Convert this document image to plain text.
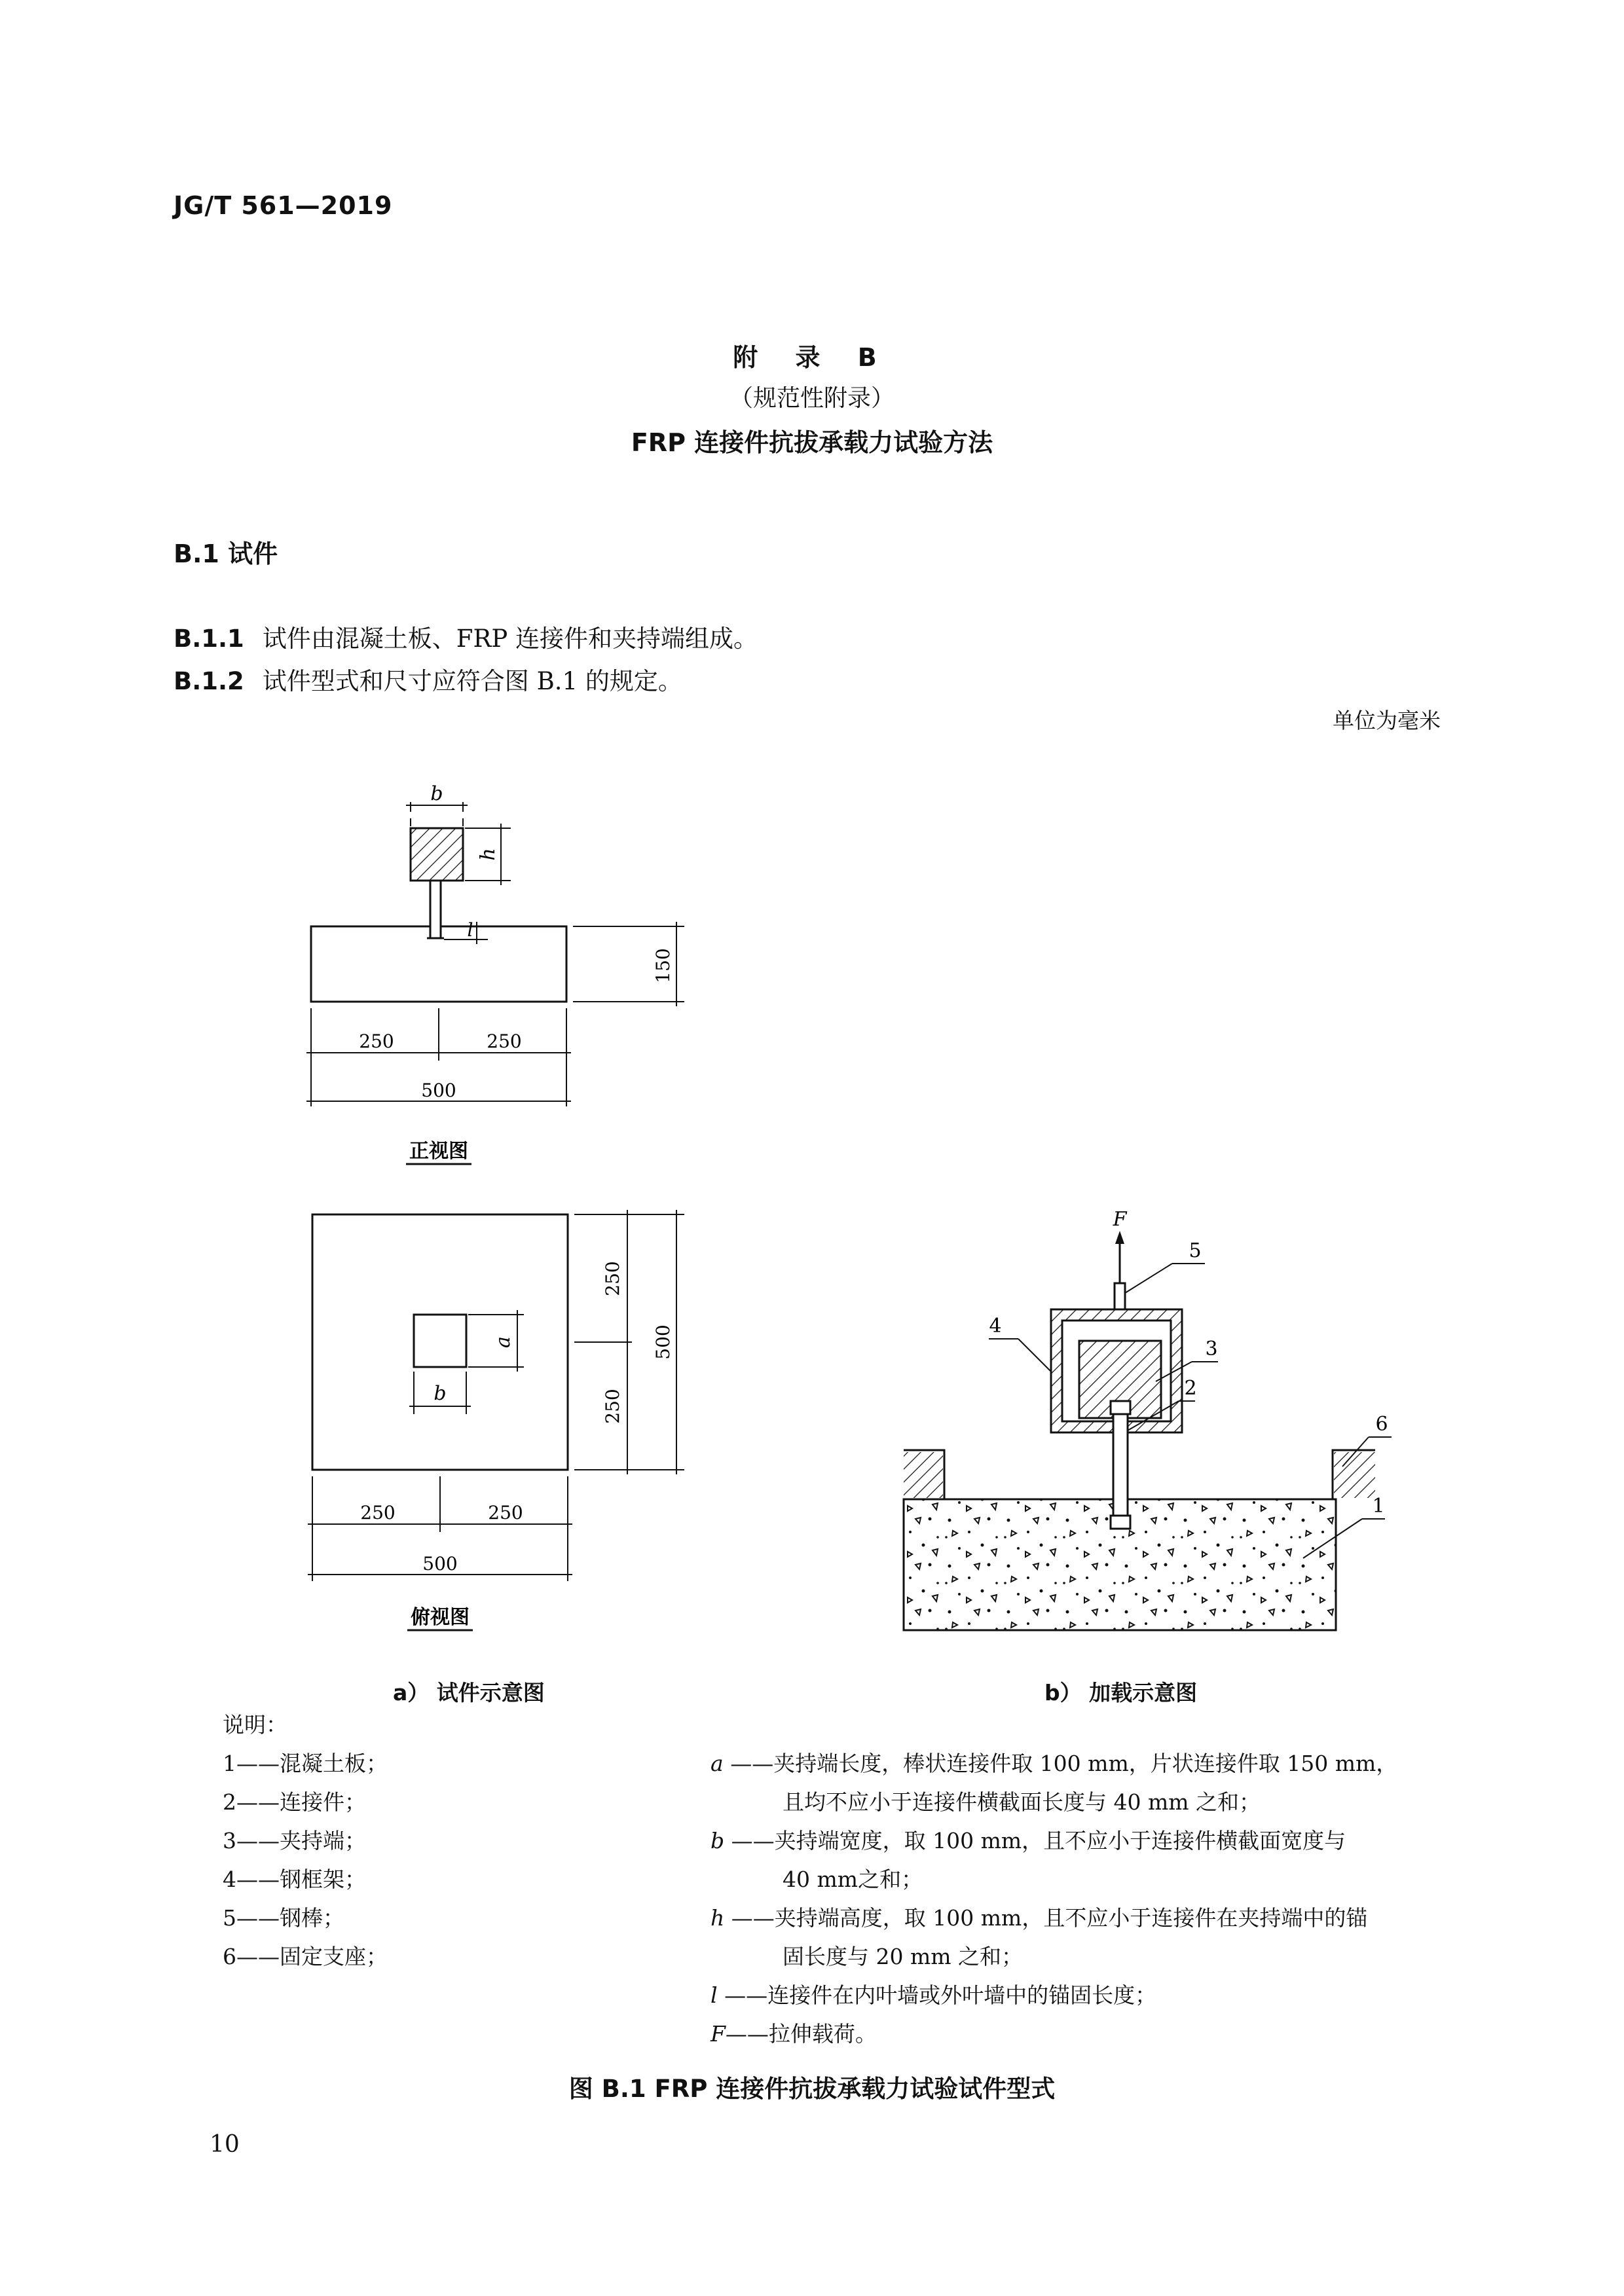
JG/T 561—2019
附 录 B
（规范性附录）
FRP 连接件抗拔承载力试验方法
B.1 试件
B.1.1 试件由混凝土板、FRP 连接件和夹持端组成。
B.1.2 试件型式和尺寸应符合图 B.1 的规定。
单位为毫米
b
h
l
150
250	250
500
正视图
a
b
250
250
500
250	250
500
俯视图
F
1
2
3
4
5
6
a） 试件示意图	b） 加载示意图
说明：
1——混凝土板；
2——连接件；
3——夹持端；
4——钢框架；
5——钢棒；
6——固定支座；
a ——夹持端长度，棒状连接件取 100 mm，片状连接件取 150 mm，
且均不应小于连接件横截面长度与 40 mm 之和；
b ——夹持端宽度，取 100 mm，且不应小于连接件横截面宽度与
40 mm之和；
h ——夹持端高度，取 100 mm，且不应小于连接件在夹持端中的锚
固长度与 20 mm 之和；
l ——连接件在内叶墙或外叶墙中的锚固长度；
F——拉伸载荷。
图 B.1 FRP 连接件抗拔承载力试验试件型式
10
